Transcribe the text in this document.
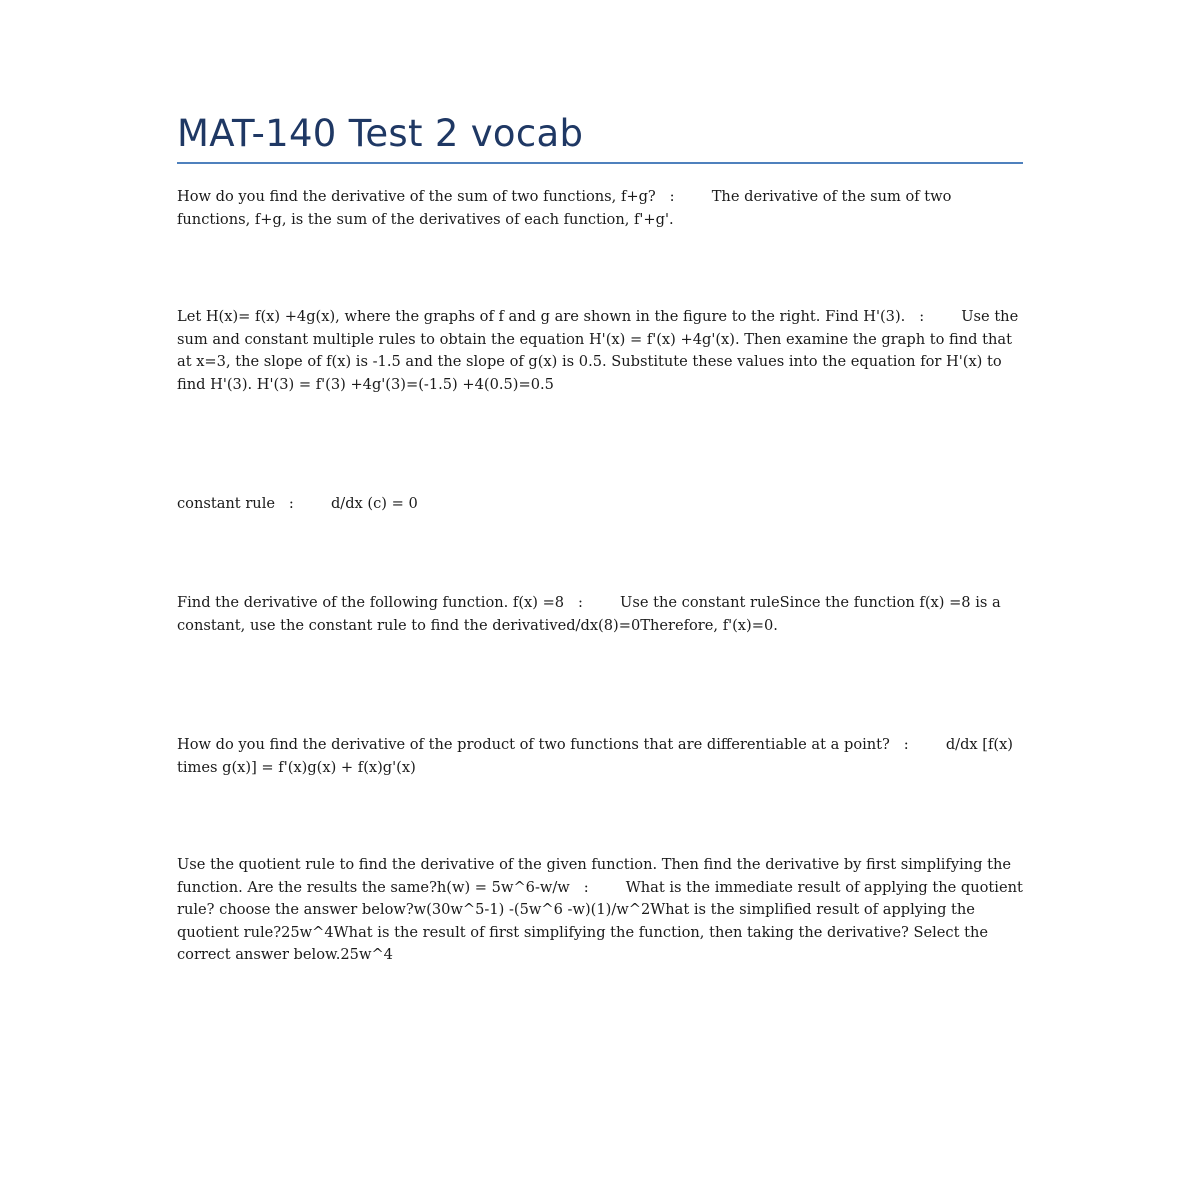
MAT-140 Test 2 vocab

How do you find the derivative of the sum of two functions, f+g?   :        The derivative of the sum of two functions, f+g, is the sum of the derivatives of each function, f'+g'.

Let H(x)= f(x) +4g(x), where the graphs of f and g are shown in the figure to the right. Find H'(3).   :        Use the sum and constant multiple rules to obtain the equation H'(x) = f'(x) +4g'(x). Then examine the graph to find that at x=3, the slope of f(x) is -1.5 and the slope of g(x) is 0.5. Substitute these values into the equation for H'(x) to find H'(3). H'(3) = f'(3) +4g'(3)=(-1.5) +4(0.5)=0.5

constant rule   :        d/dx (c) = 0

Find the derivative of the following function. f(x) =8   :        Use the constant ruleSince the function f(x) =8 is a constant, use the constant rule to find the derivatived/dx(8)=0Therefore, f'(x)=0.

How do you find the derivative of the product of two functions that are differentiable at a point?   :        d/dx [f(x) times g(x)] = f'(x)g(x) + f(x)g'(x)

Use the quotient rule to find the derivative of the given function. Then find the derivative by first simplifying the function. Are the results the same?h(w) = 5w^6-w/w   :        What is the immediate result of applying the quotient rule? choose the answer below?w(30w^5-1) -(5w^6 -w)(1)/w^2What is the simplified result of applying the quotient rule?25w^4What is the result of first simplifying the function, then taking the derivative? Select the correct answer below.25w^4
